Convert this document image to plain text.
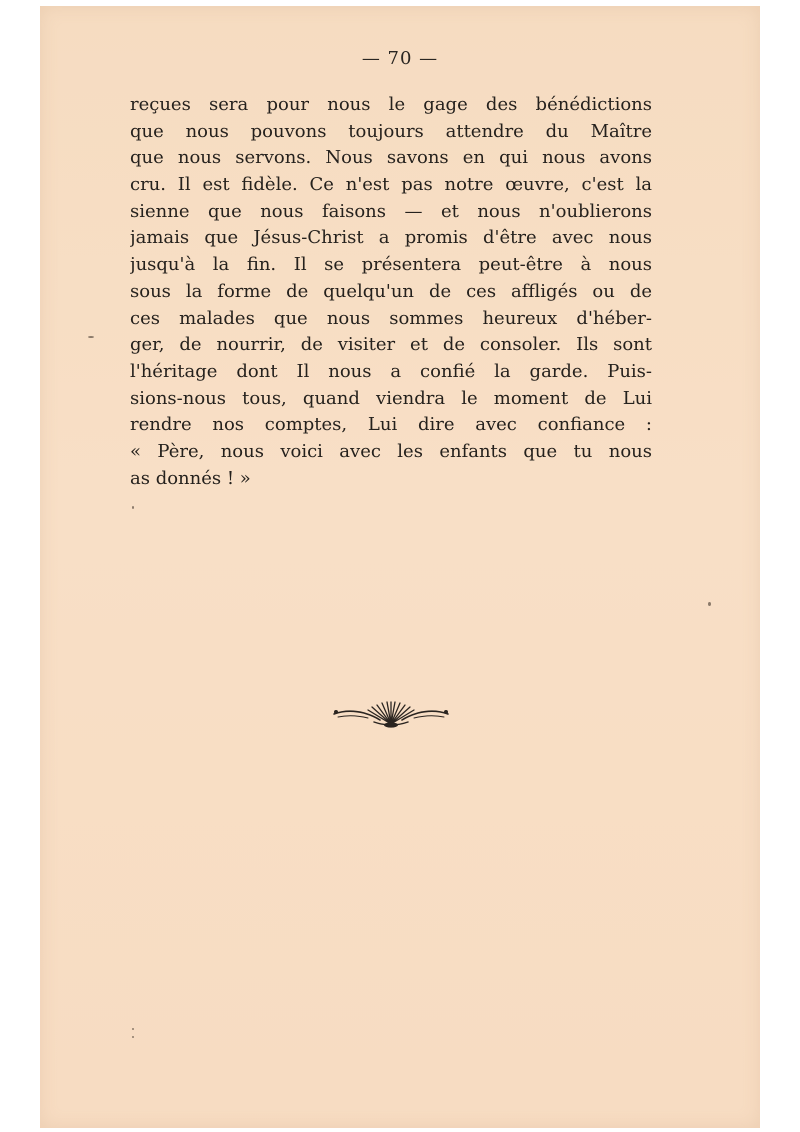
— 70 —
reçues sera pour nous le gage des bénédictions
que nous pouvons toujours attendre du Maître
que nous servons. Nous savons en qui nous avons
cru. Il est fidèle. Ce n'est pas notre œuvre, c'est la
sienne que nous faisons — et nous n'oublierons
jamais que Jésus-Christ a promis d'être avec nous
jusqu'à la fin. Il se présentera peut-être à nous
sous la forme de quelqu'un de ces affligés ou de
ces malades que nous sommes heureux d'héber-
ger, de nourrir, de visiter et de consoler. Ils sont
l'héritage dont Il nous a confié la garde. Puis-
sions-nous tous, quand viendra le moment de Lui
rendre nos comptes, Lui dire avec confiance :
« Père, nous voici avec les enfants que tu nous
as donnés ! »
